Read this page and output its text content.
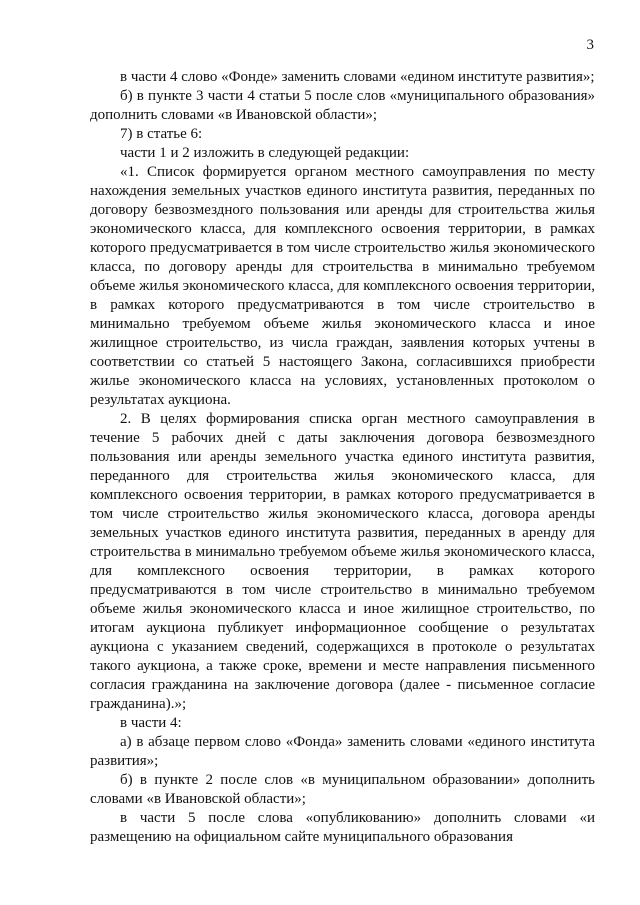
3

в части 4 слово «Фонде» заменить словами «едином институте развития»;

б) в пункте 3 части 4 статьи 5 после слов «муниципального образования» дополнить словами «в Ивановской области»;

7) в статье 6:

части 1 и 2 изложить в следующей редакции:

«1. Список формируется органом местного самоуправления по месту нахождения земельных участков единого института развития, переданных по договору безвозмездного пользования или аренды для строительства жилья экономического класса, для комплексного освоения территории, в рамках которого предусматривается в том числе строительство жилья экономического класса, по договору аренды для строительства в минимально требуемом объеме жилья экономического класса, для комплексного освоения территории, в рамках которого предусматриваются в том числе строительство в минимально требуемом объеме жилья экономического класса и иное жилищное строительство, из числа граждан, заявления которых учтены в соответствии со статьей 5 настоящего Закона, согласившихся приобрести жилье экономического класса на условиях, установленных протоколом о результатах аукциона.

2. В целях формирования списка орган местного самоуправления в течение 5 рабочих дней с даты заключения договора безвозмездного пользования или аренды земельного участка единого института развития, переданного для строительства жилья экономического класса, для комплексного освоения территории, в рамках которого предусматривается в том числе строительство жилья экономического класса, договора аренды земельных участков единого института развития, переданных в аренду для строительства в минимально требуемом объеме жилья экономического класса, для комплексного освоения территории, в рамках которого предусматриваются в том числе строительство в минимально требуемом объеме жилья экономического класса и иное жилищное строительство, по итогам аукциона публикует информационное сообщение о результатах аукциона с указанием сведений, содержащихся в протоколе о результатах такого аукциона, а также сроке, времени и месте направления письменного согласия гражданина на заключение договора (далее - письменное согласие гражданина).»;

в части 4:

а) в абзаце первом слово «Фонда» заменить словами «единого института развития»;

б) в пункте 2 после слов «в муниципальном образовании» дополнить словами «в Ивановской области»;

в части 5 после слова «опубликованию» дополнить словами «и размещению на официальном сайте муниципального образования
